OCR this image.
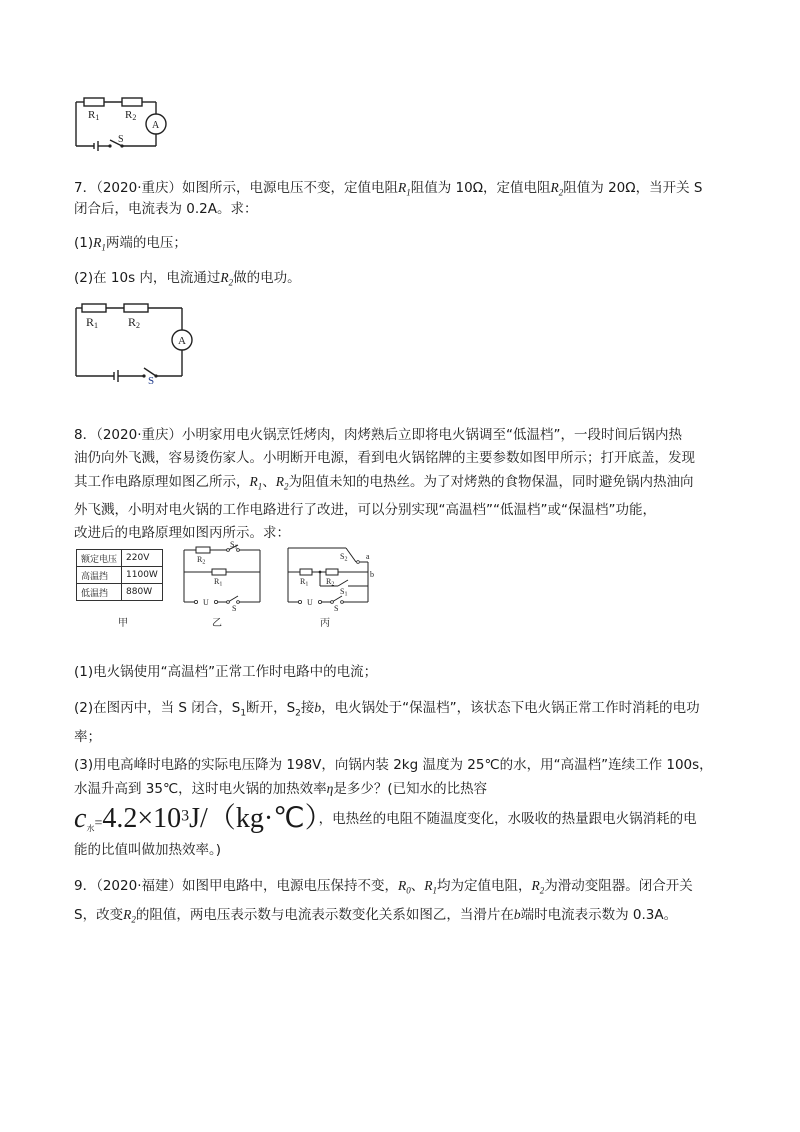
R1 R2
A
S
7．（2020·重庆）如图所示，电源电压不变，定值电阻$R_1$阻值为 10Ω，定值电阻$R_2$阻值为 20Ω，当开关 S
闭合后，电流表为 0.2A。求：
$(1)R_1$两端的电压；
(2)在 10s 内，电流通过$R_2$做的电功。
R1 R2
A
S
8．（2020·重庆）小明家用电火锅烹饪烤肉，肉烤熟后立即将电火锅调至“低温档”，一段时间后锅内热
油仍向外飞溅，容易烫伤家人。小明断开电源，看到电火锅铭牌的主要参数如图甲所示；打开底盖，发现
其工作电路原理如图乙所示，$R_1$、$R_2$为阻值未知的电热丝。为了对烤熟的食物保温，同时避免锅内热油向
外飞溅，小明对电火锅的工作电路进行了改进，可以分别实现“高温档”“低温档”或“保温档”功能，
改进后的电路原理如图丙所示。求：
额定电压	220V
高温挡	1100W
低温挡	880W
甲
R2
S1
R1
U
S
乙
S2 a
b
R1 R2
S1
U
S
丙
(1)电火锅使用“高温档”正常工作时电路中的电流；
(2)在图丙中，当 S 闭合，$S_1$断开，$S_2$接b，电火锅处于“保温档”，该状态下电火锅正常工作时消耗的电功
率；
(3)用电高峰时电路的实际电压降为 198V，向锅内装 2kg 温度为 25℃的水，用“高温档”连续工作 100s，
水温升高到 35℃，这时电火锅的加热效率η是多少？(已知水的比热容
$c_水=4.2\times 10^3J/(kg\cdot℃)^{,电热丝的电阻不随温度变化,水吸收的热量跟电火锅消耗的电}$
能的比值叫做加热效率。)
9．（2020·福建）如图甲电路中，电源电压保持不变，$R_0$、$R_1$均为定值电阻，$R_2$为滑动变阻器。闭合开关
S，改变$R_2$的阻值，两电压表示数与电流表示数变化关系如图乙，当滑片在b端时电流表示数为 0.3A。
